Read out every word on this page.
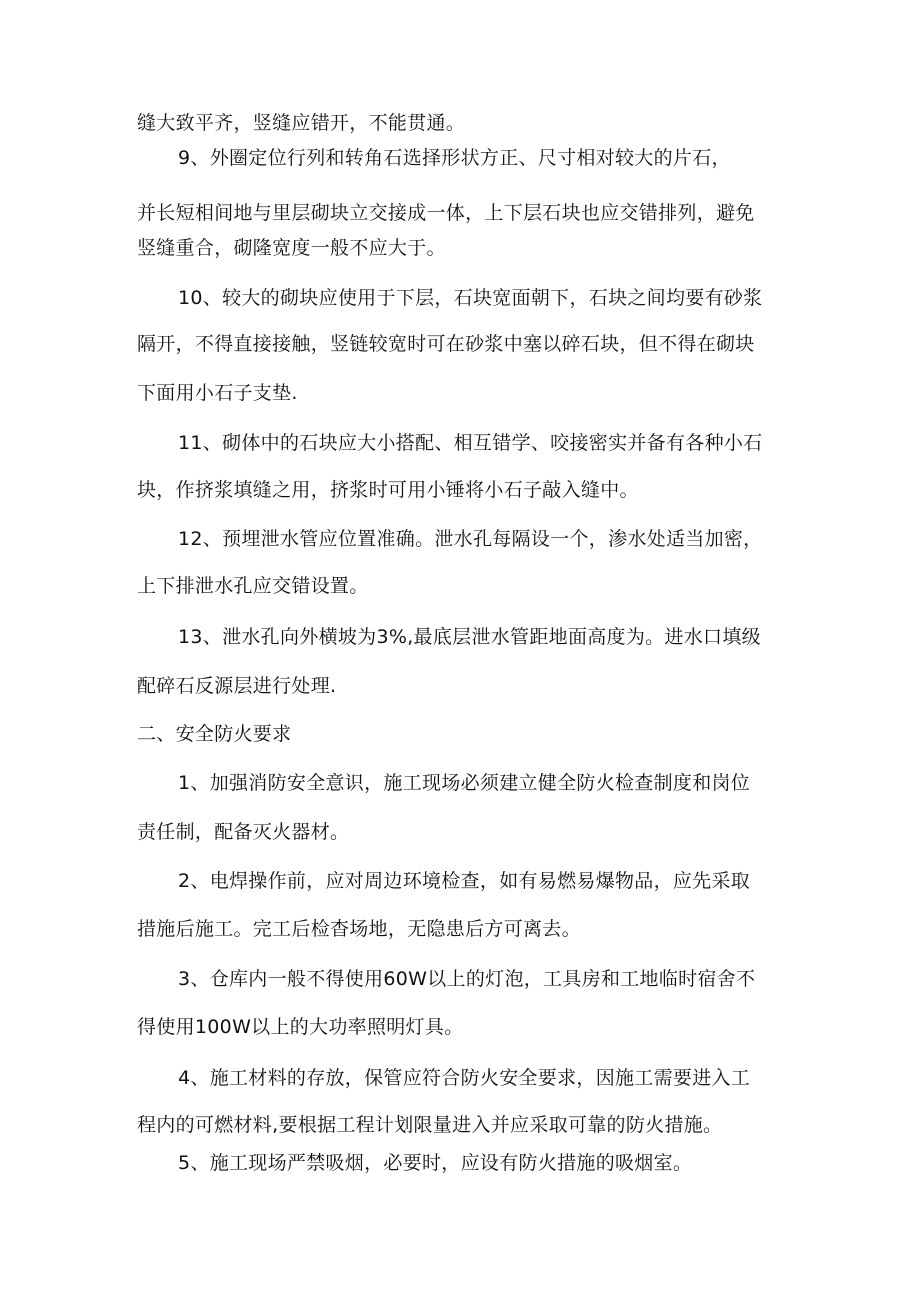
缝大致平齐，竖缝应错开，不能贯通。
9、外圈定位行列和转角石选择形状方正、尺寸相对较大的片石，
并长短相间地与里层砌块立交接成一体，上下层石块也应交错排列，避免
竖缝重合，砌隆宽度一般不应大于。
10、较大的砌块应使用于下层，石块宽面朝下，石块之间均要有砂浆
隔开，不得直接接触，竖链较宽时可在砂浆中塞以碎石块，但不得在砌块
下面用小石子支垫.
11、砌体中的石块应大小搭配、相互错学、咬接密实并备有各种小石
块，作挤浆填缝之用，挤浆时可用小锤将小石子敲入缝中。
12、预埋泄水管应位置准确。泄水孔每隔设一个，渗水处适当加密，
上下排泄水孔应交错设置。
13、泄水孔向外横坡为3%,最底层泄水管距地面高度为。进水口填级
配碎石反源层进行处理.
二、安全防火要求
1、加强消防安全意识，施工现场必须建立健全防火检查制度和岗位
责任制，配备灭火器材。
2、电焊操作前，应对周边环境检查，如有易燃易爆物品，应先采取
措施后施工。完工后检杳场地，无隐患后方可离去。
3、仓库内一般不得使用60W以上的灯泡，工具房和工地临时宿舍不
得使用100W以上的大功率照明灯具。
4、施工材料的存放，保管应符合防火安全要求，因施工需要进入工
程内的可燃材料,要根据工程计划限量进入并应采取可靠的防火措施。
5、施工现场严禁吸烟，必要时，应设有防火措施的吸烟室。
